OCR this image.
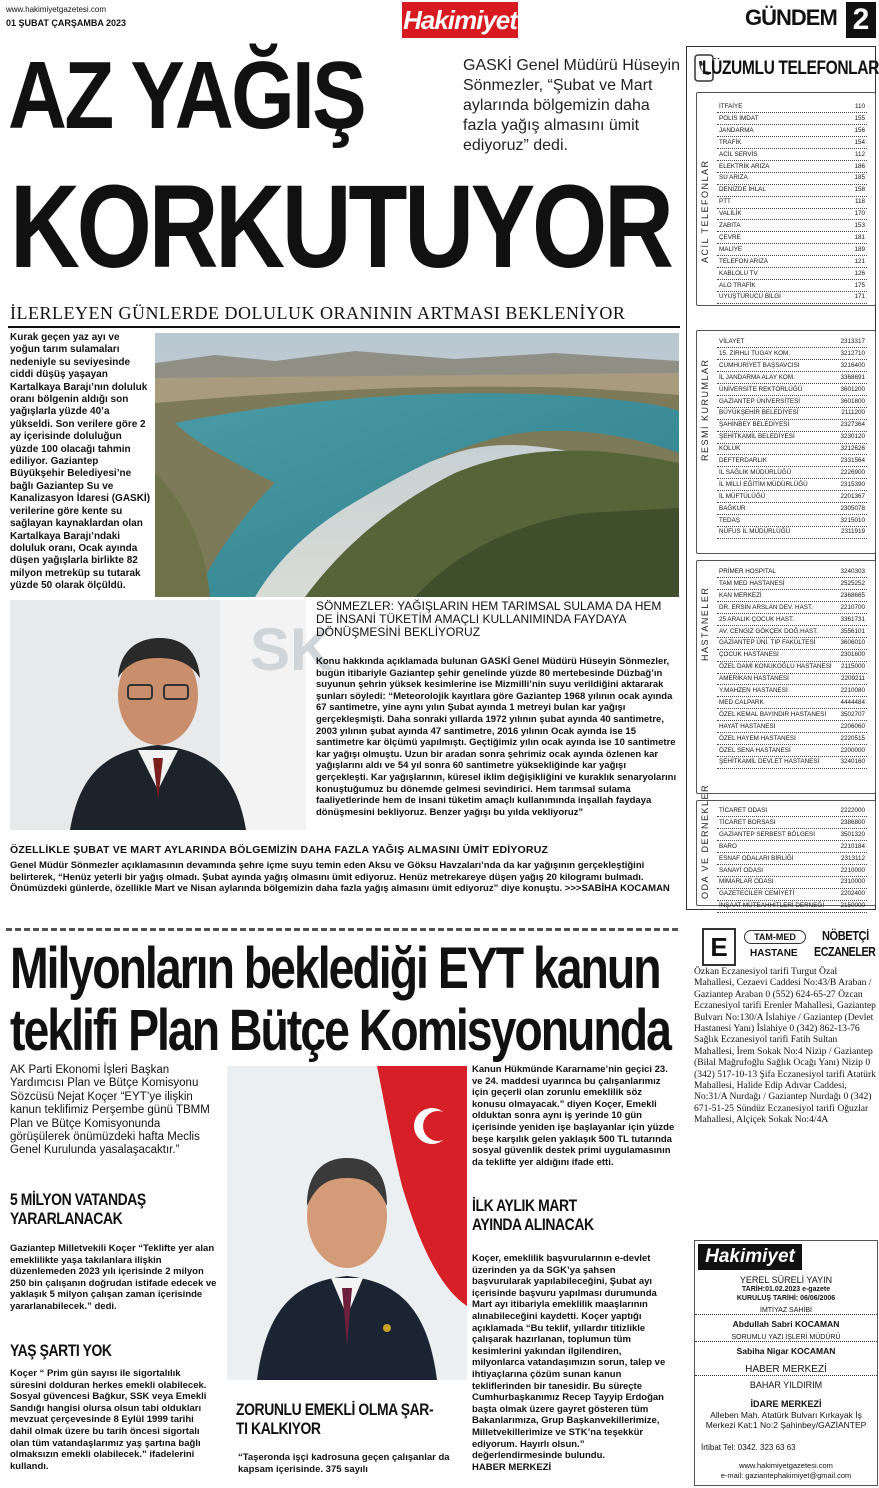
www.hakimiyetgazetesi.com
01 ŞUBAT ÇARŞAMBA 2023	Hakimiyet	GÜNDEM 2
AZ YAĞIŞ
KORKUTUYOR
GASKİ Genel Müdürü Hüseyin Sönmezler, “Şubat ve Mart aylarında bölgemizin daha fazla yağış almasını ümit ediyoruz” dedi.
İLERLEYEN GÜNLERDE DOLULUK ORANININ ARTMASI BEKLENİYOR
Kurak geçen yaz ayı ve yoğun tarım sulamaları nedeniyle su seviyesinde ciddi düşüş yaşayan Kartalkaya Barajı’nın doluluk oranı bölgenin aldığı son yağışlarla yüzde 40’a yükseldi. Son verilere göre 2 ay içerisinde doluluğun yüzde 100 olacağı tahmin ediliyor. Gaziantep Büyükşehir Belediyesi’ne bağlı Gaziantep Su ve Kanalizasyon İdaresi (GASKİ) verilerine göre kente su sağlayan kaynaklardan olan Kartalkaya Barajı’ndaki doluluk oranı, Ocak ayında düşen yağışlarla birlikte 82 milyon metreküp su tutarak yüzde 50 olarak ölçüldü.
SK
SÖNMEZLER: YAĞIŞLARIN HEM TARIMSAL SULAMA DA HEM DE İNSANİ TÜKETİM AMAÇLI KULLANIMINDA FAYDAYA DÖNÜŞMESİNİ BEKLİYORUZ
Konu hakkında açıklamada bulunan GASKİ Genel Müdürü Hüseyin Sönmezler, bugün itibariyle Gaziantep şehir genelinde yüzde 80 mertebesinde Düzbağ’ın suyunun şehrin yüksek kesimlerine ise Mizmilli’nin suyu verildiğini aktararak şunları söyledi: “Meteorolojik kayıtlara göre Gaziantep 1968 yılının ocak ayında 67 santimetre, yine aynı yılın Şubat ayında 1 metreyi bulan kar yağışı gerçekleşmişti. Daha sonraki yıllarda 1972 yılının şubat ayında 40 santimetre, 2003 yılının şubat ayında 47 santimetre, 2016 yılının Ocak ayında ise 15 santimetre kar ölçümü yapılmıştı. Geçtiğimiz yılın ocak ayında ise 10 santimetre kar yağışı olmuştu. Uzun bir aradan sonra şehrimiz ocak ayında özlenen kar yağışlarını aldı ve 54 yıl sonra 60 santimetre yüksekliğinde kar yağışı gerçekleşti. Kar yağışlarının, küresel iklim değişikliğini ve kuraklık senaryolarını konuştuğumuz bu dönemde gelmesi sevindirici. Hem tarımsal sulama faaliyetlerinde hem de insani tüketim amaçlı kullanımında inşallah faydaya dönüşmesini bekliyoruz. Benzer yağışı bu yılda vekliyoruz”
ÖZELLİKLE ŞUBAT VE MART AYLARINDA BÖLGEMİZİN DAHA FAZLA YAĞIŞ ALMASINI ÜMİT EDİYORUZ
Genel Müdür Sönmezler açıklamasının devamında şehre içme suyu temin eden Aksu ve Göksu Havzaları’nda da kar yağışının gerçekleştiğini belirterek, “Henüz yeterli bir yağış olmadı. Şubat ayında yağış olmasını ümit ediyoruz. Henüz metrekareye düşen yağış 20 kilogramı bulmadı. Önümüzdeki günlerde, özellikle Mart ve Nisan aylarında bölgemizin daha fazla yağış almasını ümit ediyoruz” diye konuştu. >>>SABİHA KOCAMAN
Milyonların beklediği EYT kanun
teklifi Plan Bütçe Komisyonunda
AK Parti Ekonomi İşleri Başkan Yardımcısı Plan ve Bütçe Komisyonu Sözcüsü Nejat Koçer “EYT’ye ilişkin kanun teklifimiz Perşembe günü TBMM Plan ve Bütçe Komisyonunda görüşülerek önümüzdeki hafta Meclis Genel Kurulunda yasalaşacaktır.”
5 MİLYON VATANDAŞ
YARARLANACAK
Gaziantep Milletvekili Koçer “Teklifte yer alan emeklilikte yaşa takılanlara ilişkin düzenlemeden 2023 yılı içerisinde 2 milyon 250 bin çalışanın doğrudan istifade edecek ve yaklaşık 5 milyon çalışan zaman içerisinde yararlanabilecek.” dedi.
YAŞ ŞARTI YOK
Koçer “ Prim gün sayısı ile sigortalılık süresini dolduran herkes emekli olabilecek. Sosyal güvencesi Bağkur, SSK veya Emekli Sandığı hangisi olursa olsun tabi oldukları mevzuat çerçevesinde 8 Eylül 1999 tarihi dahil olmak üzere bu tarih öncesi sigortalı olan tüm vatandaşlarımız yaş şartına bağlı olmaksızın emekli olabilecek.” ifadelerini kullandı.
ZORUNLU EMEKLİ OLMA ŞAR-
TI KALKIYOR
“Taşeronda işçi kadrosuna geçen çalışanlar da kapsam içerisinde. 375 sayılı
Kanun Hükmünde Kararname’nin geçici 23. ve 24. maddesi uyarınca bu çalışanlarımız için geçerli olan zorunlu emeklilik söz konusu olmayacak.” diyen Koçer, Emekli olduktan sonra aynı iş yerinde 10 gün içerisinde yeniden işe başlayanlar için yüzde beşe karşılık gelen yaklaşık 500 TL tutarında sosyal güvenlik destek primi uygulamasının da teklifte yer aldığını ifade etti.
İLK AYLIK MART
AYINDA ALINACAK
Koçer, emeklilik başvurularının e-devlet üzerinden ya da SGK’ya şahsen başvurularak yapılabileceğini, Şubat ayı içerisinde başvuru yapılması durumunda Mart ayı itibariyla emeklilik maaşlarının alınabileceğini kaydetti. Koçer yaptığı açıklamada “Bu teklif, yıllardır titizlikle çalışarak hazırlanan, toplumun tüm kesimlerini yakından ilgilendiren, milyonlarca vatandaşımızın sorun, talep ve ihtiyaçlarına çözüm sunan kanun tekliflerinden bir tanesidir. Bu süreçte Cumhurbaşkanımız Recep Tayyip Erdoğan başta olmak üzere gayret gösteren tüm Bakanlarımıza, Grup Başkanvekillerimize, Milletvekillerimize ve STK’na teşekkür ediyorum. Hayırlı olsun.” değerlendirmesinde bulundu.
HABER MERKEZİ
LÜZUMLU TELEFONLAR
ACİL TELEFONLAR
İTFAİYE	110
POLİS İMDAT	155
JANDARMA	156
TRAFİK	154
ACİL SERVİS	112
ELEKTRİK ARIZA	186
SU ARIZA	185
DENİZDE İHLAL	158
PTT	118
VALİLİK	170
ZABITA	153
ÇEVRE	181
MALİYE	189
TELEFON ARIZA	121
KABLOLU TV	126
ALO TRAFİK	175
UYUŞTURUCU BİLGİ	171
RESMİ KURUMLAR
VİLAYET	2313317
15. ZIRHLI TUGAY KOM.	3212710
CUMHURİYET BAŞSAVCISI	3216400
İL JANDARMA ALAY KOM.	3368691
ÜNİVERSİTE REKTÖRLÜĞÜ	3601200
GAZİANTEP ÜNİVERSİTESİ	3601800
BÜYÜKŞEHİR BELEDİYESİ	2111200
ŞAHİNBEY BELEDİYESİ	2327364
ŞEHİTKAMİL BELEDİYESİ	3230120
KOLUK	3212626
DEFTERDARLIK	2331564
İL SAĞLIK MÜDÜRLÜĞÜ	2226900
İL MİLLİ EĞİTİM MÜDÜRLÜĞÜ	2315390
İL MÜFTÜLÜĞÜ	2201367
BAĞKUR	2305078
TEDAŞ	3215010
NÜFUS İL MÜDÜRLÜĞÜ	2311919
HASTANELER
PRİMER HOSPITAL	3240303
TAM MED HASTANESİ	2525252
KAN MERKEZİ	2368665
DR. ERSİN ARSLAN DEV. HAST.	2210700
25 ARALIK ÇOCUK HAST.	3361731
AV. CENGİZ GÖKÇEK DOĞ.HAST.	3556101
GAZİANTEP ÜNİ. TIP FAKÜLTESİ	3606010
ÇOCUK HASTANESİ	2301600
ÖZEL DAMİ KONUKOĞLU HASTANESİ 2115000
AMERİKAN HASTANESİ	2209211
Y.MAHZEN HASTANESİ	2210080
MED CALPARK	4444484
ÖZEL KEMAL BAYINDIR HASTANESİ 3502707
HAYAT HASTANESİ	2206060
ÖZEL HAYEM HASTANESİ	2220515
ÖZEL SENA HASTANESİ	2200000
ŞEHİTKAMİL DEVLET HASTANESİ	3240160
ODA VE DERNEKLER TİCARET ODASI	2222000
TİCARET BORSASI	2386800
GAZİANTEP SERBEST BÖLGESİ	3501320
BARO	2210184
ESNAF ODALARI BİRLİĞİ	2313112
SANAYİ ODASI	2210000
MİMARLAR ODASI	2310000
GAZETECİLER CEMİYETİ	2202400
İNŞAAT MÜTEAHHİTLERİ DERNEĞİ	2150000
E	TAM-MED
HASTANE
NÖBETÇİ
ECZANELER
Özkan Eczanesiyol tarifi Turgut Özal Mahallesi, Cezaevi Caddesi No:43/B Araban / Gaziantep Araban 0 (552) 624-65-27 Özcan Eczanesiyol tarifi Erenler Mahallesi, Gaziantep Bulvarı No:130/A İslahiye / Gaziantep (Devlet Hastanesi Yanı) İslahiye 0 (342) 862-13-76 Sağlık Eczanesiyol tarifi Fatih Sultan Mahallesi, İrem Sokak No:4 Nizip / Gaziantep (Bilal Mağrufoğlu Sağlık Ocağı Yanı) Nizip 0 (342) 517-10-13 Şifa Eczanesiyol tarifi Atatürk Mahallesi, Halide Edip Adıvar Caddesi, No:31/A Nurdağı / Gaziantep Nurdağı 0 (342) 671-51-25 Sündüz Eczanesiyol tarifi Oğuzlar Mahallesi, Alçiçek Sokak No:4/4A
Hakimiyet
YEREL SÜRELİ YAYIN
TARİH:01.02.2023 e-gazete
KURULUŞ TARİHİ: 06/06/2006
İMTİYAZ SAHİBİ
Abdullah Sabri KOCAMAN
SORUMLU YAZI İŞLERİ MÜDÜRÜ
Sabiha Nigar KOCAMAN
HABER MERKEZİ
BAHAR YILDIRIM
İDARE MERKEZİ
Alleben Mah. Atatürk Bulvarı Kırkayak İş Merkezi Kat:1 No:2 Şahinbey/GAZİANTEP
İrtibat Tel: 0342. 323 63 63
www.hakimiyetgazetesi.com
e-mail: gaziantephakimiyet@gmail.com
